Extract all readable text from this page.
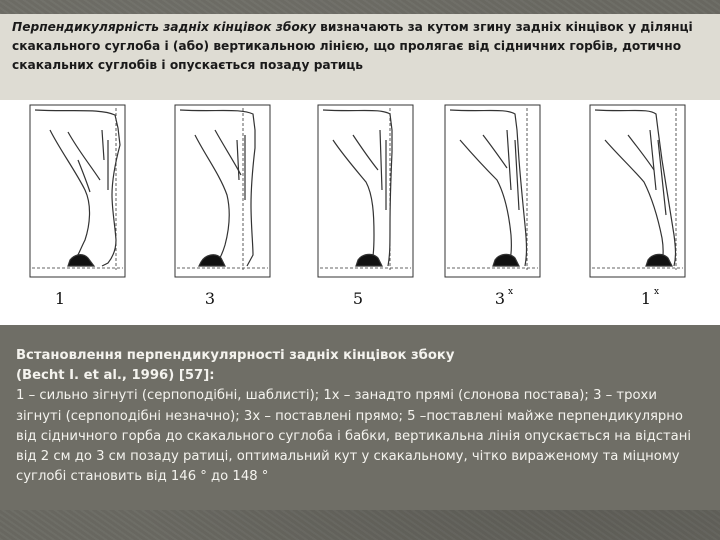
Перпендикулярність задніх кінцівок збоку визначають за кутом згину задніх кінцівок у ділянці скакального суглоба і (або) вертикальною лінією, що пролягає від сідничних горбів, дотично скакальних суглобів і опускається позаду ратиць
1	3	5	3 x	1 x
Встановлення перпендикулярності задніх кінцівок збоку
(Becht I. et al., 1996) [57]:
1 – сильно зігнуті (серпоподібні, шаблисті); 1х – занадто прямі (слонова постава); 3 – трохи зігнуті (серпоподібні незначно); 3х – поставлені прямо; 5 –поставлені майже перпендикулярно від сідничного горба до скакального суглоба і бабки, вертикальна лінія опускається на відстані від 2 см до 3 см позаду ратиці, оптимальний кут у скакальному, чітко вираженому та міцному суглобі становить від 146 ° до 148 °
